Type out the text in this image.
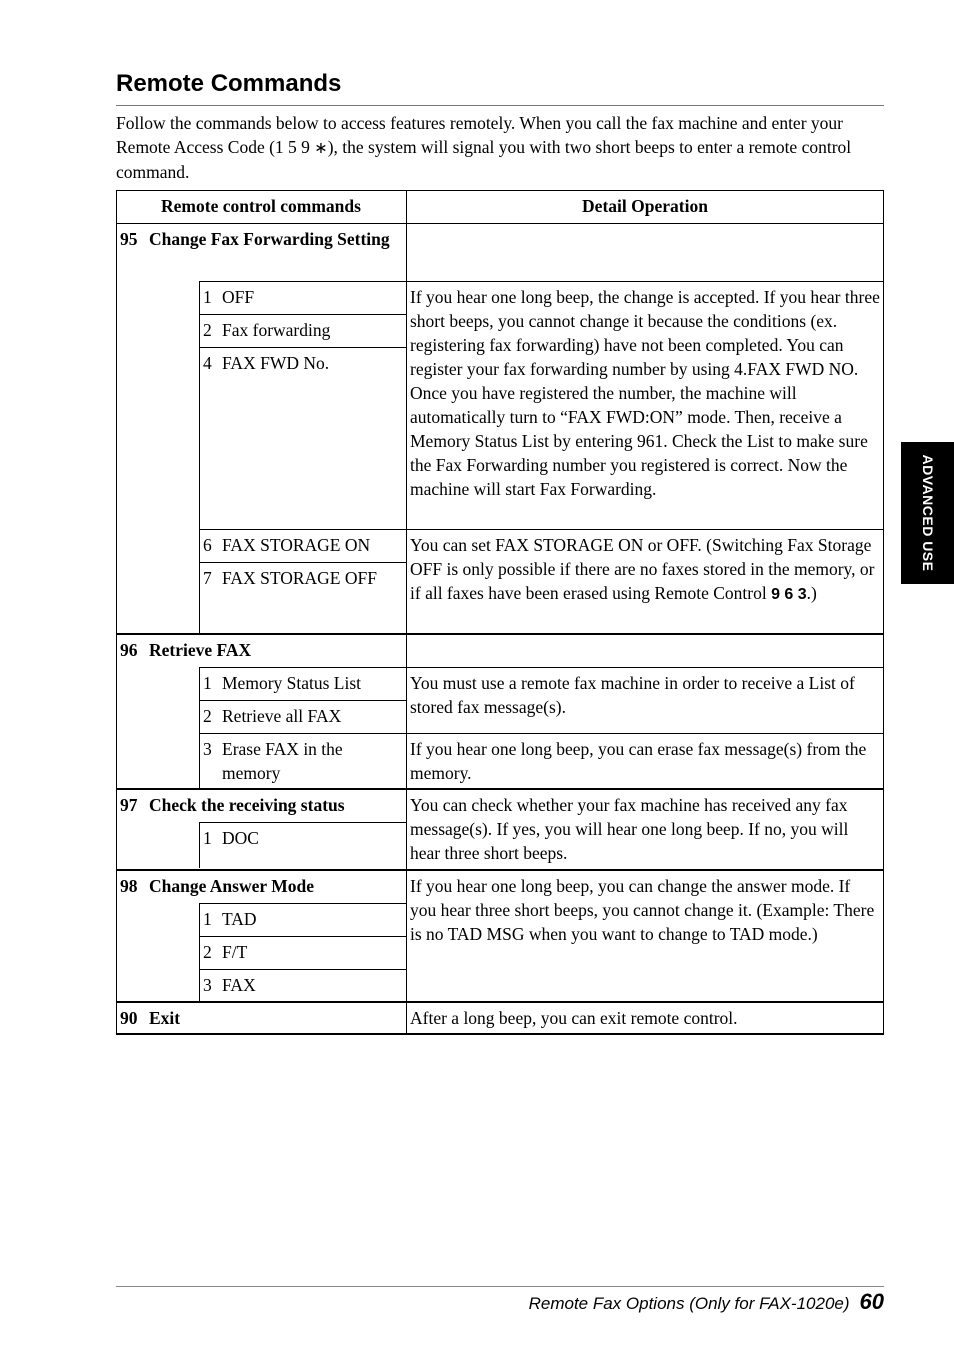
Remote Commands

Follow the commands below to access features remotely. When you call the fax machine and enter your Remote Access Code (1 5 9 ∗), the system will signal you with two short beeps to enter a remote control command.

Remote control commands	Detail Operation
95 Change Fax Forwarding Setting
1 OFF
2 Fax forwarding
4 FAX FWD No.
6 FAX STORAGE ON
7 FAX STORAGE OFF
If you hear one long beep, the change is accepted. If you hear three short beeps, you cannot change it because the conditions (ex. registering fax forwarding) have not been completed. You can register your fax forwarding number by using 4.FAX FWD NO. Once you have registered the number, the machine will automatically turn to “FAX FWD:ON” mode. Then, receive a Memory Status List by entering 961. Check the List to make sure the Fax Forwarding number you registered is correct. Now the machine will start Fax Forwarding.
You can set FAX STORAGE ON or OFF. (Switching Fax Storage OFF is only possible if there are no faxes stored in the memory, or if all faxes have been erased using Remote Control 9 6 3.)
96 Retrieve FAX
1 Memory Status List
2 Retrieve all FAX
3 Erase FAX in the memory
You must use a remote fax machine in order to receive a List of stored fax message(s).
If you hear one long beep, you can erase fax message(s) from the memory.
97 Check the receiving status
1 DOC
You can check whether your fax machine has received any fax message(s). If yes, you will hear one long beep. If no, you will hear three short beeps.
98 Change Answer Mode
1 TAD
2 F/T
3 FAX
If you hear one long beep, you can change the answer mode. If you hear three short beeps, you cannot change it. (Example: There is no TAD MSG when you want to change to TAD mode.)
90 Exit	After a long beep, you can exit remote control.
ADVANCED USE
Remote Fax Options (Only for FAX-1020e) 60
